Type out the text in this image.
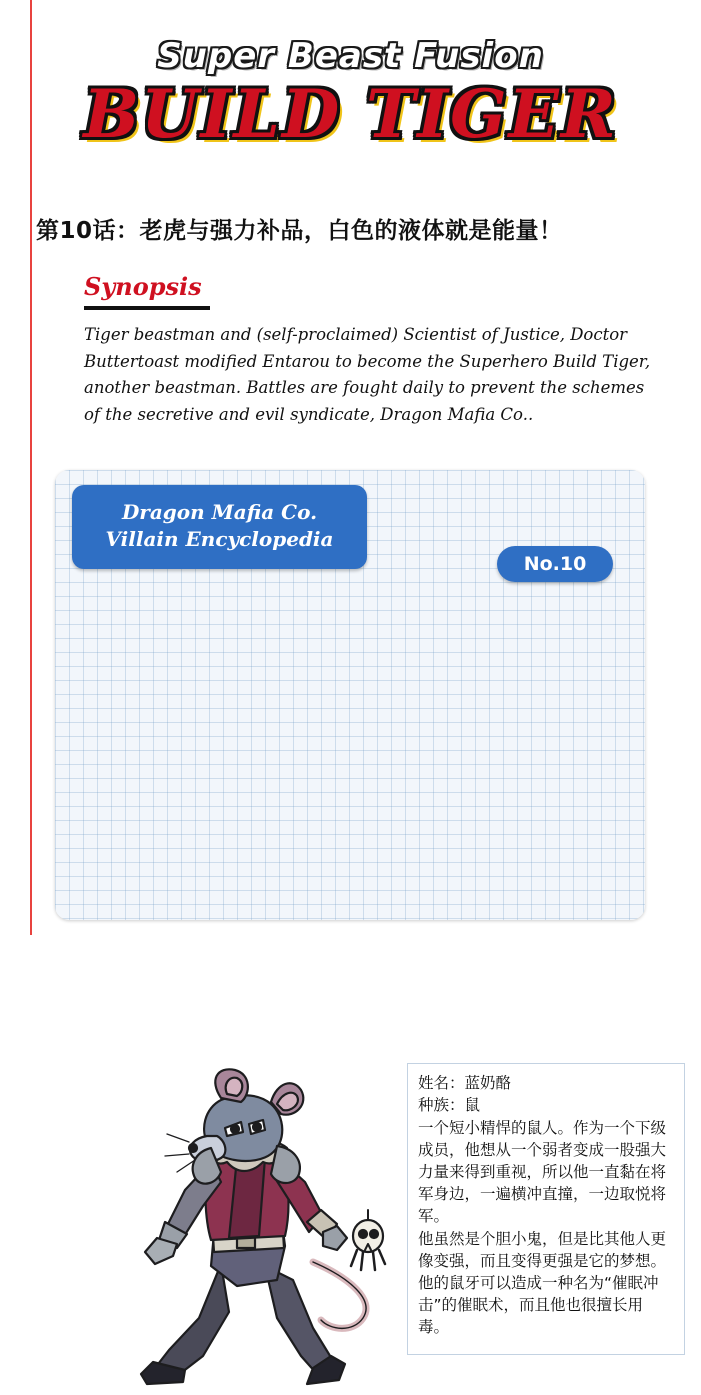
Super Beast Fusion
BUILD TIGER
第10话：老虎与强力补品，白色的液体就是能量！
Synopsis
Tiger beastman and (self-proclaimed) Scientist of Justice, Doctor Buttertoast modified Entarou to become the Superhero Build Tiger, another beastman. Battles are fought daily to prevent the schemes of the secretive and evil syndicate, Dragon Mafia Co..

姓名：蓝奶酪

种族：鼠

一个短小精悍的鼠人。作为一个下级成员，他想从一个弱者变成一股强大力量来得到重视，所以他一直黏在将军身边，一遍横冲直撞，一边取悦将军。

他虽然是个胆小鬼，但是比其他人更像变强，而且变得更强是它的梦想。他的鼠牙可以造成一种名为“催眠冲击”的催眠术，而且他也很擅长用毒。

Dragon Mafia Co.
Villain Encyclopedia
No.10
